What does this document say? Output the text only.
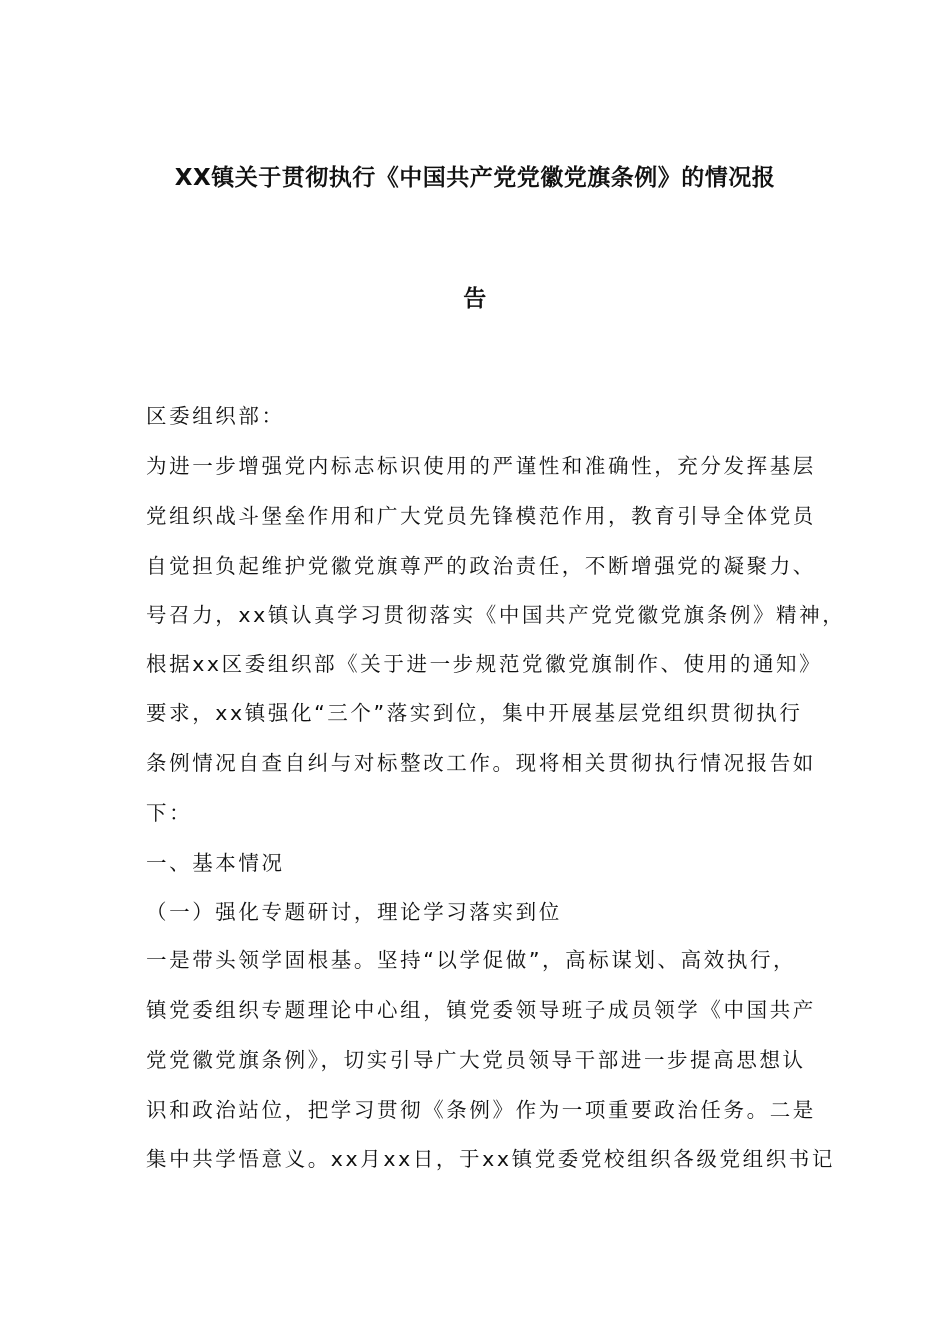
XX镇关于贯彻执行《中国共产党党徽党旗条例》的情况报
告
区委组织部：
为进一步增强党内标志标识使用的严谨性和准确性，充分发挥基层
党组织战斗堡垒作用和广大党员先锋模范作用，教育引导全体党员
自觉担负起维护党徽党旗尊严的政治责任，不断增强党的凝聚力、
号召力，xx镇认真学习贯彻落实《中国共产党党徽党旗条例》精神，
根据xx区委组织部《关于进一步规范党徽党旗制作、使用的通知》
要求，xx镇强化“三个”落实到位，集中开展基层党组织贯彻执行
条例情况自查自纠与对标整改工作。现将相关贯彻执行情况报告如
下：
一、基本情况
（一）强化专题研讨，理论学习落实到位
一是带头领学固根基。坚持“以学促做”，高标谋划、高效执行，
镇党委组织专题理论中心组，镇党委领导班子成员领学《中国共产
党党徽党旗条例》，切实引导广大党员领导干部进一步提高思想认
识和政治站位，把学习贯彻《条例》作为一项重要政治任务。二是
集中共学悟意义。xx月xx日，于xx镇党委党校组织各级党组织书记
